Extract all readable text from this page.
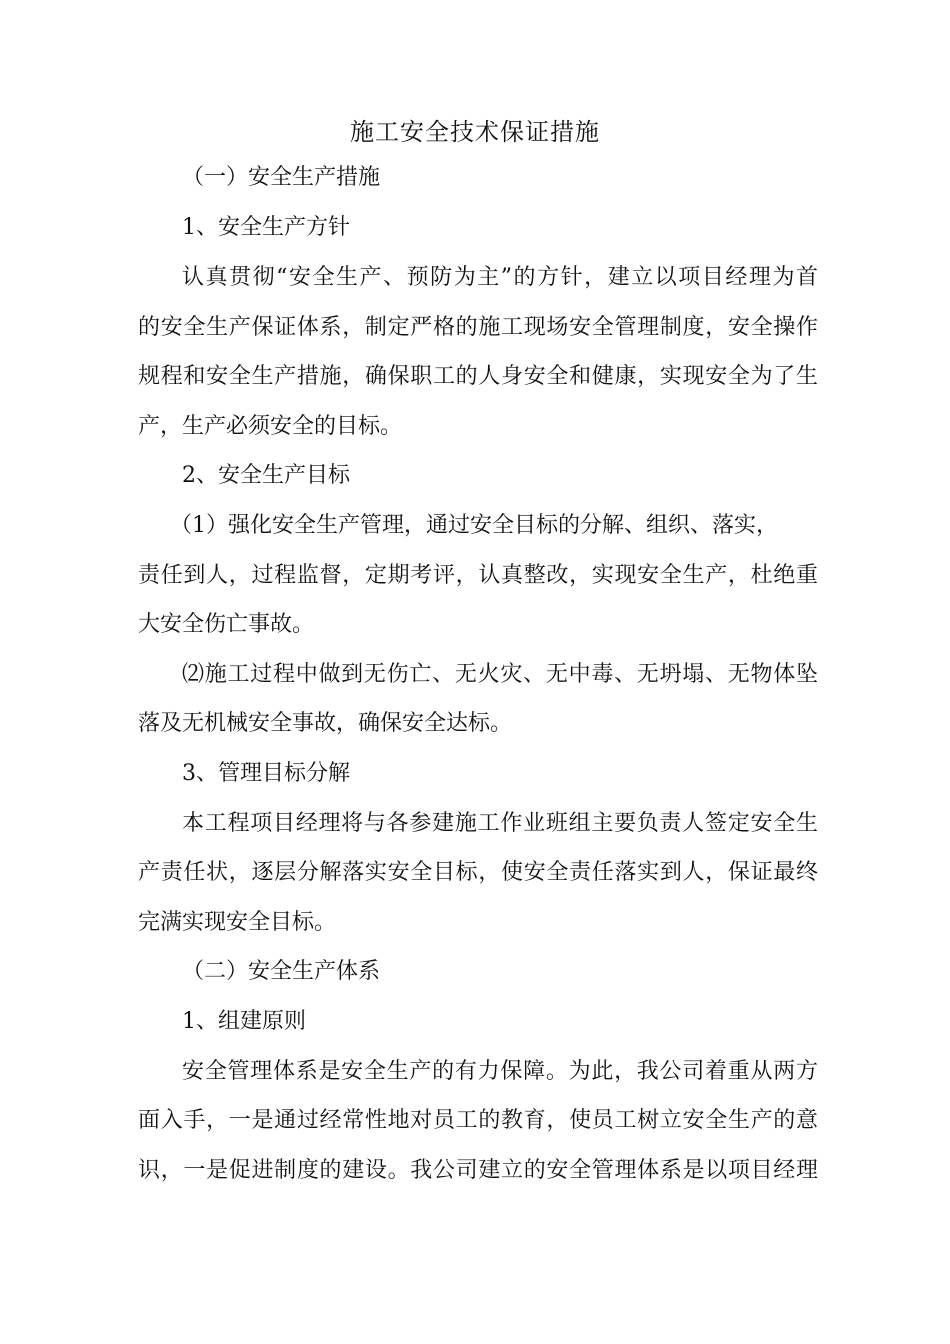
施工安全技术保证措施
（一）安全生产措施
1、安全生产方针
认真贯彻“安全生产、预防为主”的方针，建立以项目经理为首
的安全生产保证体系，制定严格的施工现场安全管理制度，安全操作
规程和安全生产措施，确保职工的人身安全和健康，实现安全为了生
产，生产必须安全的目标。
2、安全生产目标
（1）强化安全生产管理，通过安全目标的分解、组织、落实，
责任到人，过程监督，定期考评，认真整改，实现安全生产，杜绝重
大安全伤亡事故。
⑵施工过程中做到无伤亡、无火灾、无中毒、无坍塌、无物体坠
落及无机械安全事故，确保安全达标。
3、管理目标分解
本工程项目经理将与各参建施工作业班组主要负责人签定安全生
产责任状，逐层分解落实安全目标，使安全责任落实到人，保证最终
完满实现安全目标。
（二）安全生产体系
1、组建原则
安全管理体系是安全生产的有力保障。为此，我公司着重从两方
面入手，一是通过经常性地对员工的教育，使员工树立安全生产的意
识，一是促进制度的建设。我公司建立的安全管理体系是以项目经理
